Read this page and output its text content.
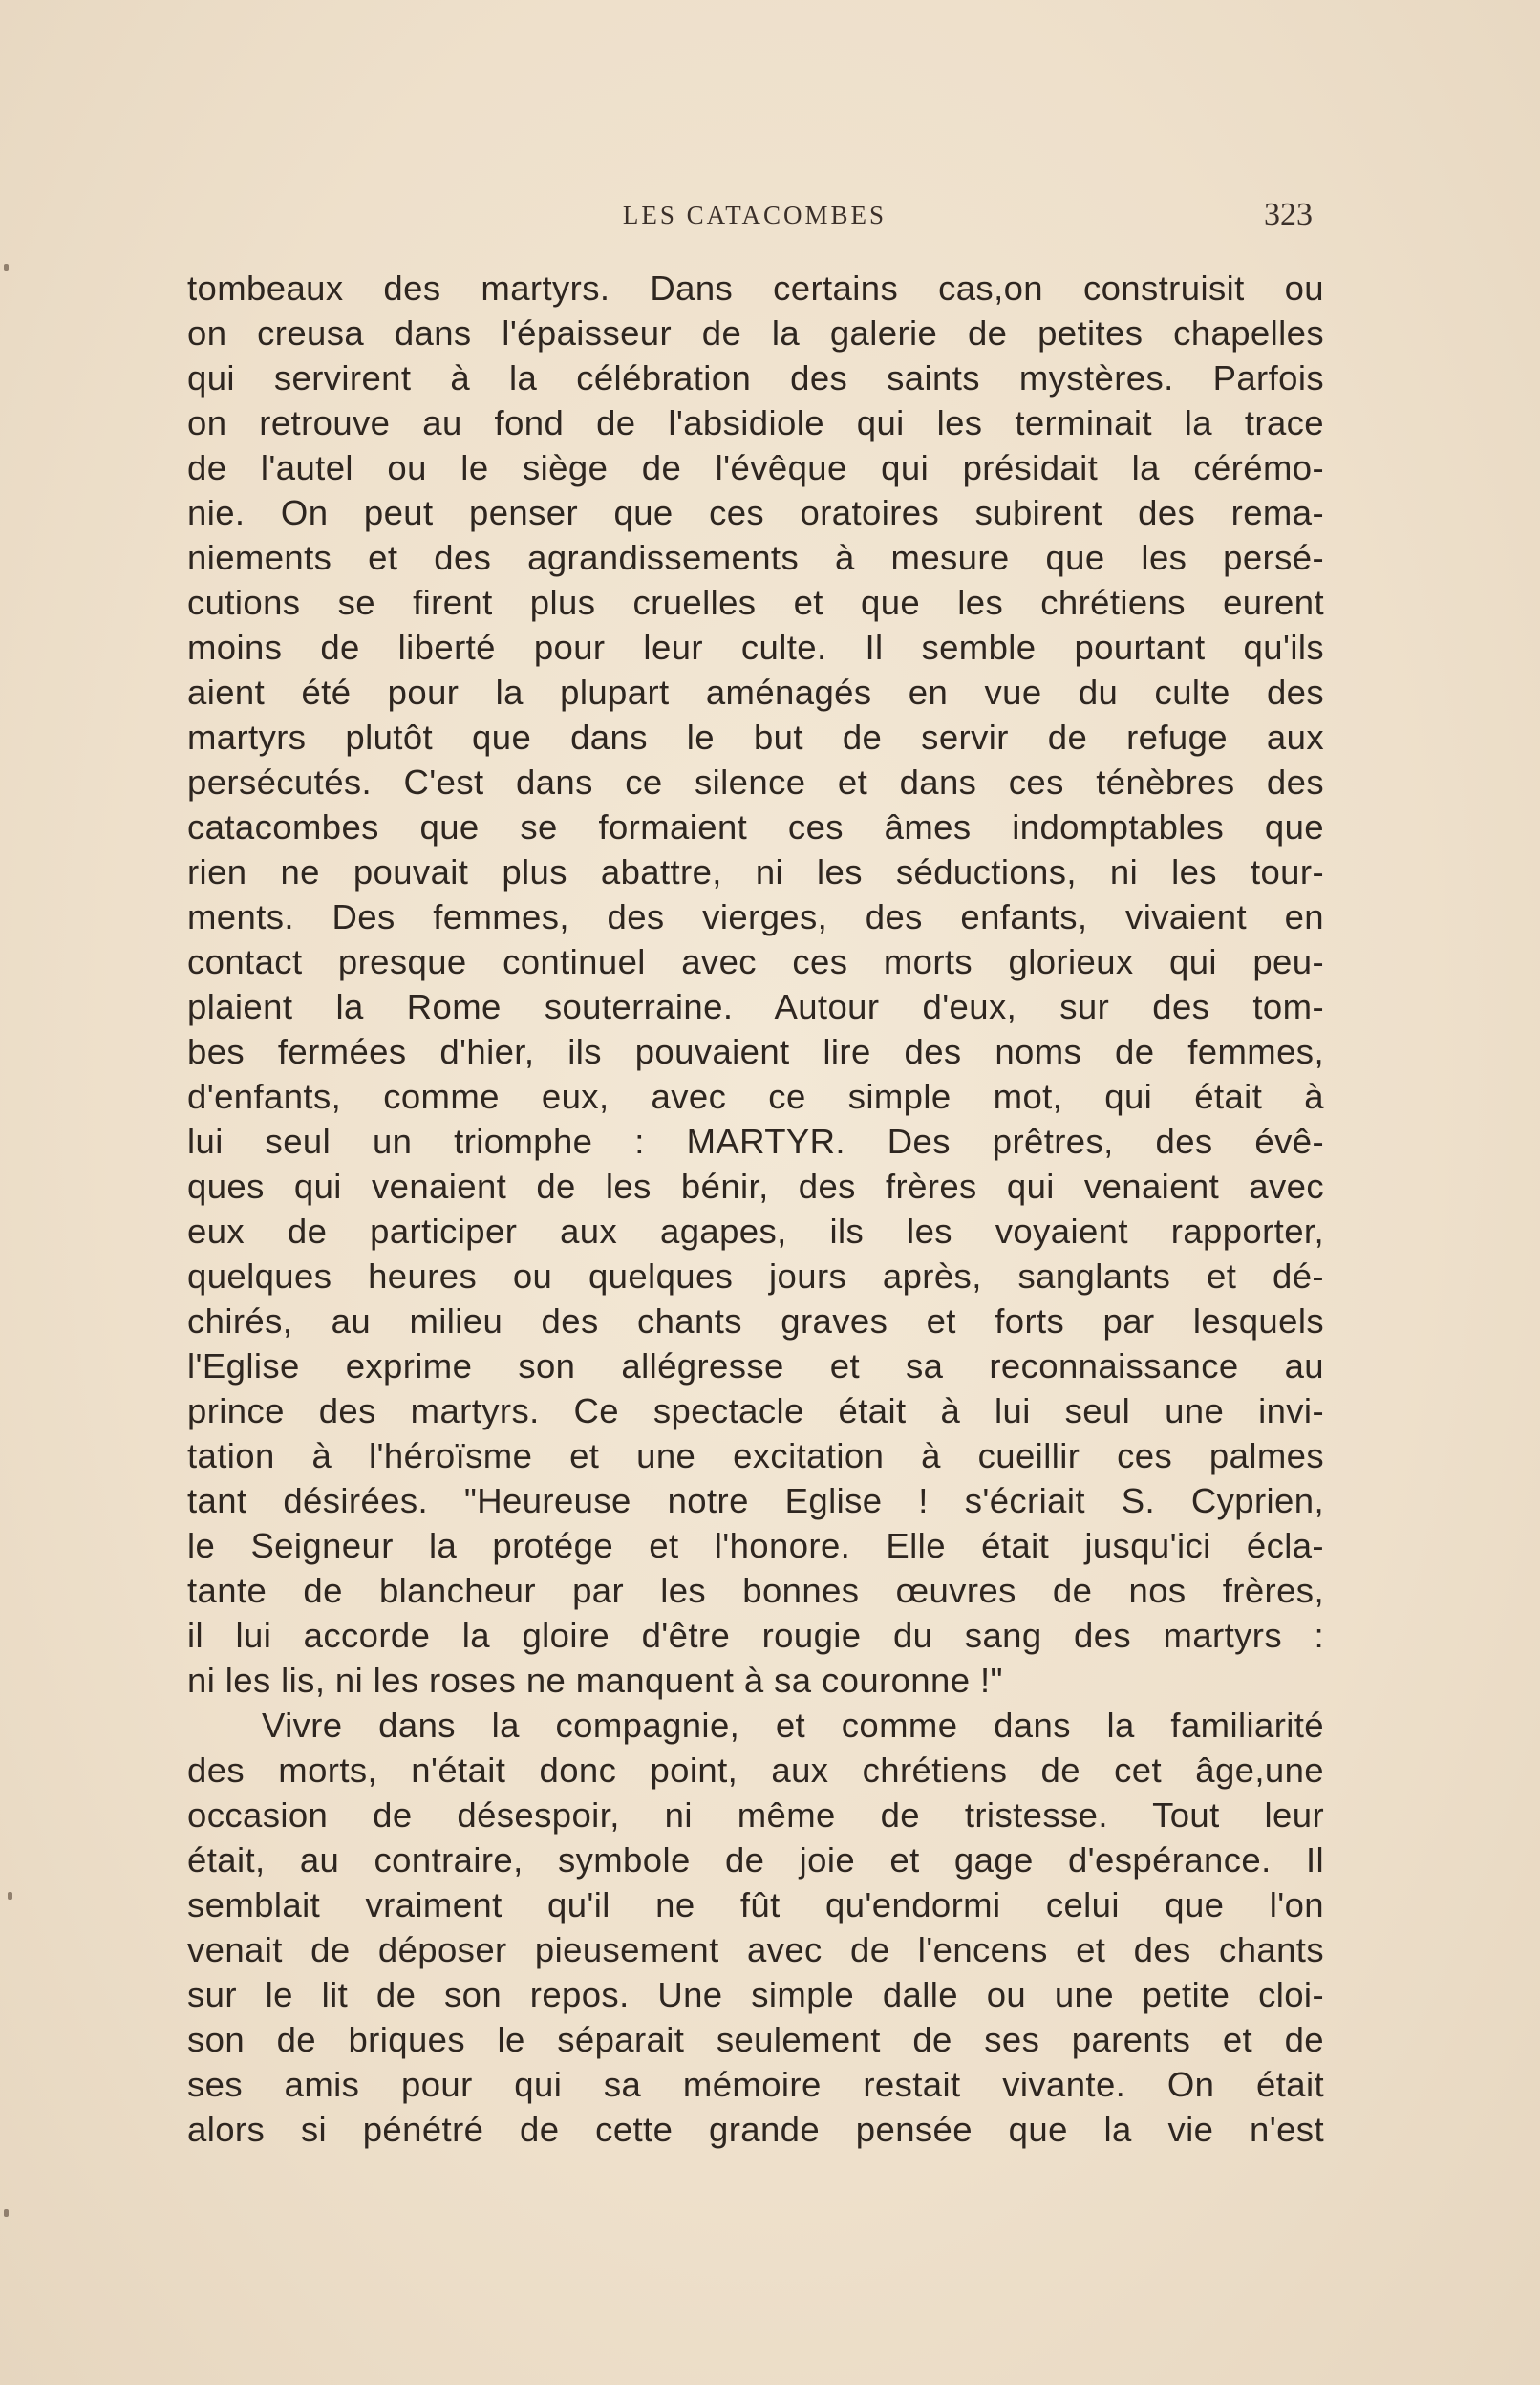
LES CATACOMBES	323
tombeaux des martyrs. Dans certains cas,on construisit ou
on creusa dans l'épaisseur de la galerie de petites chapelles
qui servirent à la célébration des saints mystères. Parfois
on retrouve au fond de l'absidiole qui les terminait la trace
de l'autel ou le siège de l'évêque qui présidait la cérémo-
nie. On peut penser que ces oratoires subirent des rema-
niements et des agrandissements à mesure que les persé-
cutions se firent plus cruelles et que les chrétiens eurent
moins de liberté pour leur culte. Il semble pourtant qu'ils
aient été pour la plupart aménagés en vue du culte des
martyrs plutôt que dans le but de servir de refuge aux
persécutés. C'est dans ce silence et dans ces ténèbres des
catacombes que se formaient ces âmes indomptables que
rien ne pouvait plus abattre, ni les séductions, ni les tour-
ments. Des femmes, des vierges, des enfants, vivaient en
contact presque continuel avec ces morts glorieux qui peu-
plaient la Rome souterraine. Autour d'eux, sur des tom-
bes fermées d'hier, ils pouvaient lire des noms de femmes,
d'enfants, comme eux, avec ce simple mot, qui était à
lui seul un triomphe : MARTYR. Des prêtres, des évê-
ques qui venaient de les bénir, des frères qui venaient avec
eux de participer aux agapes, ils les voyaient rapporter,
quelques heures ou quelques jours après, sanglants et dé-
chirés, au milieu des chants graves et forts par lesquels
l'Eglise exprime son allégresse et sa reconnaissance au
prince des martyrs. Ce spectacle était à lui seul une invi-
tation à l'héroïsme et une excitation à cueillir ces palmes
tant désirées. "Heureuse notre Eglise ! s'écriait S. Cyprien,
le Seigneur la protége et l'honore. Elle était jusqu'ici écla-
tante de blancheur par les bonnes œuvres de nos frères,
il lui accorde la gloire d'être rougie du sang des martyrs :
ni les lis, ni les roses ne manquent à sa couronne !"
Vivre dans la compagnie, et comme dans la familiarité
des morts, n'était donc point, aux chrétiens de cet âge,une
occasion de désespoir, ni même de tristesse. Tout leur
était, au contraire, symbole de joie et gage d'espérance. Il
semblait vraiment qu'il ne fût qu'endormi celui que l'on
venait de déposer pieusement avec de l'encens et des chants
sur le lit de son repos. Une simple dalle ou une petite cloi-
son de briques le séparait seulement de ses parents et de
ses amis pour qui sa mémoire restait vivante. On était
alors si pénétré de cette grande pensée que la vie n'est
